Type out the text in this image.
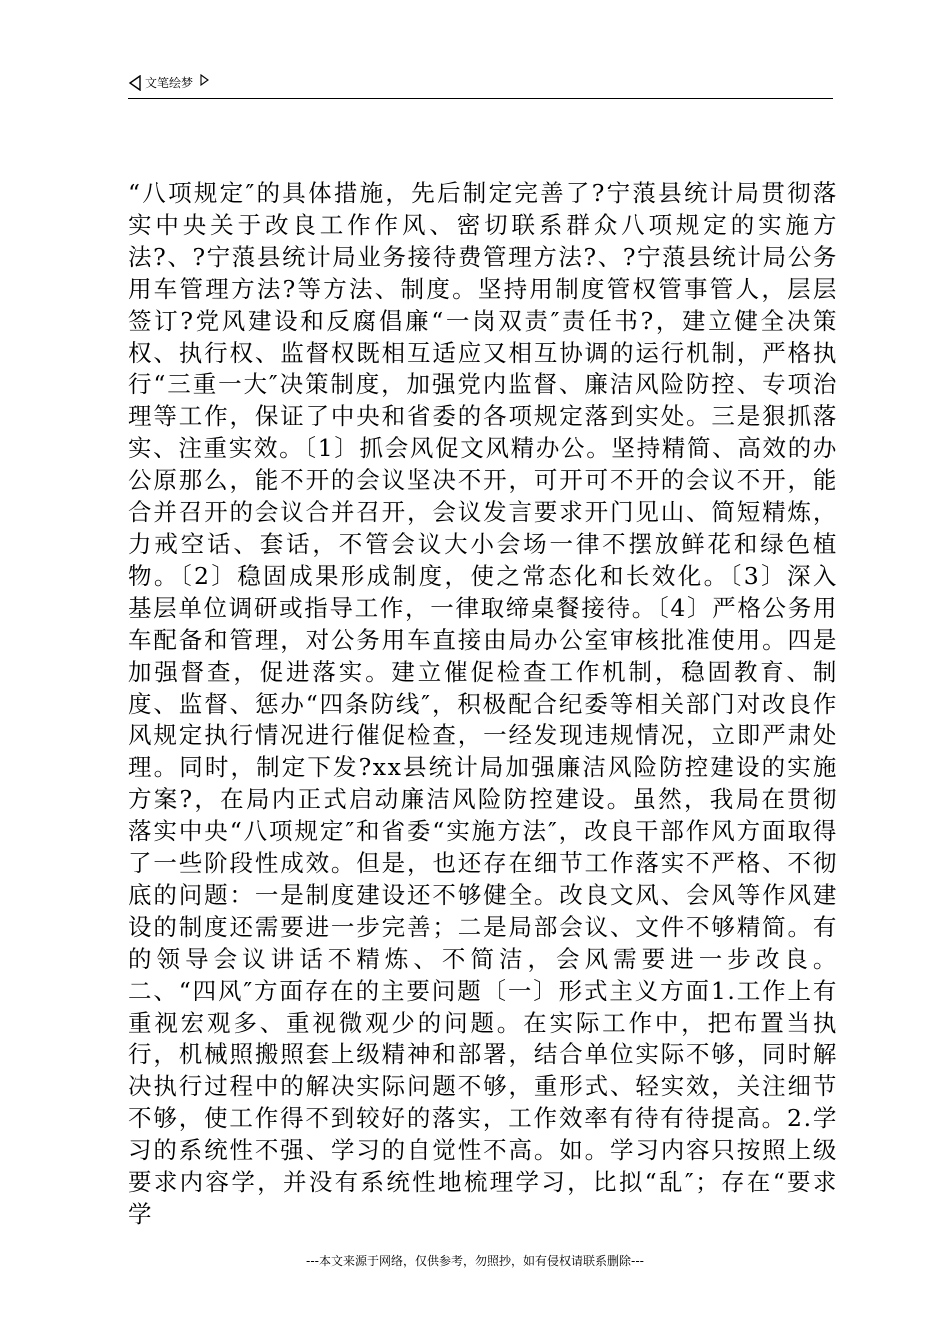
文笔绘梦

“八项规定″的具体措施，先后制定完善了?宁蒗县统计局贯彻落实中央关于改良工作作风、密切联系群众八项规定的实施方法?、?宁蒗县统计局业务接待费管理方法?、?宁蒗县统计局公务用车管理方法?等方法、制度。坚持用制度管权管事管人，层层签订?党风建设和反腐倡廉“一岗双责″责任书?，建立健全决策权、执行权、监督权既相互适应又相互协调的运行机制，严格执行“三重一大″决策制度，加强党内监督、廉洁风险防控、专项治理等工作，保证了中央和省委的各项规定落到实处。三是狠抓落实、注重实效。〔1〕抓会风促文风精办公。坚持精简、高效的办公原那么，能不开的会议坚决不开，可开可不开的会议不开，能合并召开的会议合并召开，会议发言要求开门见山、简短精炼，力戒空话、套话，不管会议大小会场一律不摆放鲜花和绿色植物。〔2〕稳固成果形成制度，使之常态化和长效化。〔3〕深入基层单位调研或指导工作，一律取缔桌餐接待。〔4〕严格公务用车配备和管理，对公务用车直接由局办公室审核批准使用。四是加强督查，促进落实。建立催促检查工作机制，稳固教育、制度、监督、惩办“四条防线″，积极配合纪委等相关部门对改良作风规定执行情况进行催促检查，一经发现违规情况，立即严肃处理。同时，制定下发?xx县统计局加强廉洁风险防控建设的实施方案?，在局内正式启动廉洁风险防控建设。虽然，我局在贯彻落实中央“八项规定″和省委“实施方法″，改良干部作风方面取得了一些阶段性成效。但是，也还存在细节工作落实不严格、不彻底的问题：一是制度建设还不够健全。改良文风、会风等作风建设的制度还需要进一步完善；二是局部会议、文件不够精简。有的领导会议讲话不精炼、不简洁，会风需要进一步改良。二、“四风″方面存在的主要问题〔一〕形式主义方面1.工作上有重视宏观多、重视微观少的问题。在实际工作中，把布置当执行，机械照搬照套上级精神和部署，结合单位实际不够，同时解决执行过程中的解决实际问题不够，重形式、轻实效，关注细节不够，使工作得不到较好的落实，工作效率有待有待提高。2.学习的系统性不强、学习的自觉性不高。如。学习内容只按照上级要求内容学，并没有系统性地梳理学习，比拟“乱″；存在“要求学

---本文来源于网络，仅供参考，勿照抄，如有侵权请联系删除---
